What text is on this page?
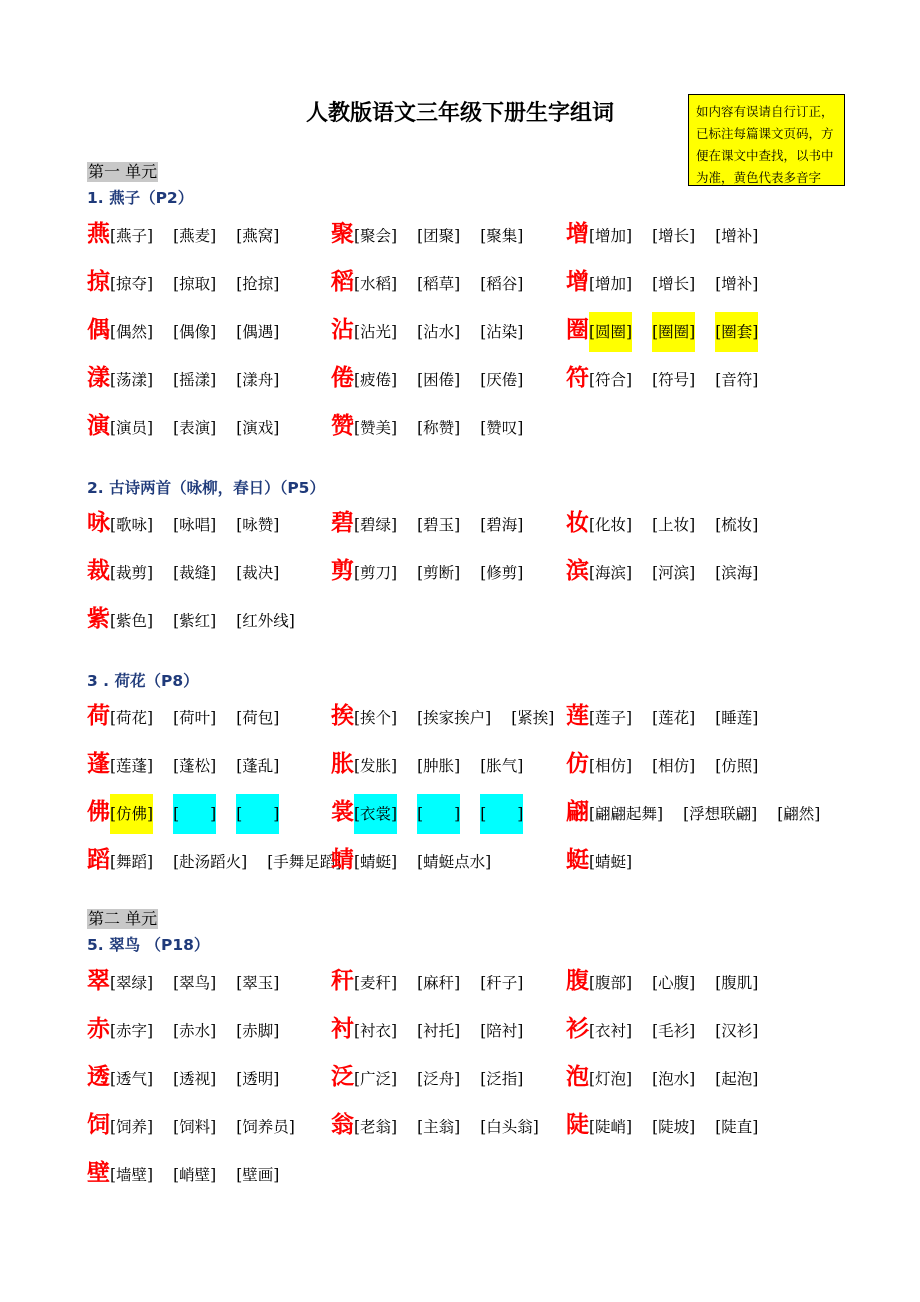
人教版语文三年级下册生字组词	如内容有误请自行订正，已标注每篇课文页码，方便在课文中查找，以书中为准，黄色代表多音字
第一 单元
1. 燕子（P2）
燕[燕子] [燕麦] [燕窝] 聚[聚会] [团聚] [聚集] 增[增加] [增长] [增补]
掠[掠夺] [掠取] [抢掠] 稻[水稻] [稻草] [稻谷] 增[增加] [增长] [增补]
偶[偶然] [偶像] [偶遇] 沾[沾光] [沾水] [沾染] 圈[圆圈] [圈圈] [圈套]
漾[荡漾] [摇漾] [漾舟] 倦[疲倦] [困倦] [厌倦] 符[符合] [符号] [音符]
演[演员] [表演] [演戏] 赞[赞美] [称赞] [赞叹]
2. 古诗两首（咏柳，春日）（P5）
咏[歌咏] [咏唱] [咏赞] 碧[碧绿] [碧玉] [碧海] 妆[化妆] [上妆] [梳妆]
裁[裁剪] [裁缝] [裁决] 剪[剪刀] [剪断] [修剪] 滨[海滨] [河滨] [滨海]
紫[紫色] [紫红] [红外线]
3 . 荷花（P8）
荷[荷花] [荷叶] [荷包] 挨[挨个] [挨家挨户] [紧挨] 莲[莲子] [莲花] [睡莲]
蓬[莲蓬] [蓬松] [蓬乱] 胀[发胀] [肿胀] [胀气] 仿[相仿] [相仿] [仿照]
佛[仿佛] [　　] [　　] 裳[衣裳] [　　] [　　] 翩[翩翩起舞] [浮想联翩] [翩然]
蹈[舞蹈] [赴汤蹈火] [手舞足蹈]
蜻[蜻蜓] [蜻蜓点水]	蜓[蜻蜓]
第二 单元
5. 翠鸟 （P18）
翠[翠绿] [翠鸟] [翠玉] 秆[麦秆] [麻秆] [秆子] 腹[腹部] [心腹] [腹肌]
赤[赤字] [赤水] [赤脚] 衬[衬衣] [衬托] [陪衬] 衫[衣衬] [毛衫] [汉衫]
透[透气] [透视] [透明] 泛[广泛] [泛舟] [泛指] 泡[灯泡] [泡水] [起泡]
饲[饲养] [饲料] [饲养员] 翁[老翁] [主翁] [白头翁] 陡[陡峭] [陡坡] [陡直]
壁[墙壁] [峭壁] [壁画]
